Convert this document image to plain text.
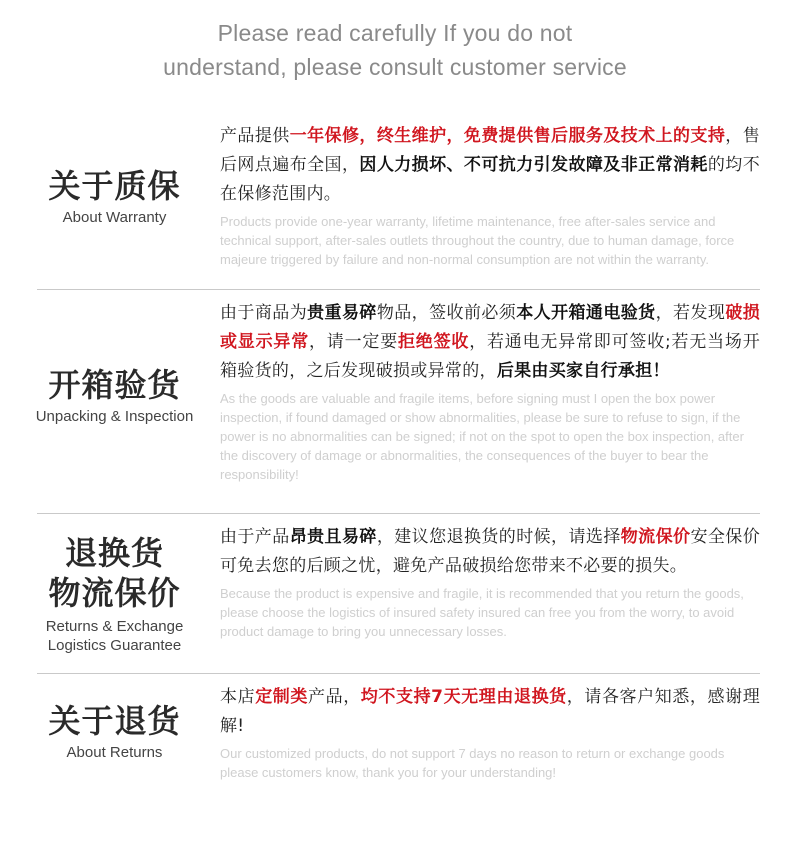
Please read carefully If you do not
understand, please consult customer service
关于质保
About Warranty
产品提供一年保修，终生维护，免费提供售后服务及技术上的支持，售后网点遍布全国，因人力损坏、不可抗力引发故障及非正常消耗的均不在保修范围内。
Products provide one-year warranty, lifetime maintenance, free after-sales service and technical support, after-sales outlets throughout the country, due to human damage, force majeure triggered by failure and non-normal consumption are not within the warranty.
开箱验货
Unpacking & Inspection
由于商品为贵重易碎物品，签收前必须本人开箱通电验货，若发现破损或显示异常，请一定要拒绝签收，若通电无异常即可签收;若无当场开箱验货的，之后发现破损或异常的，后果由买家自行承担！
As the goods are valuable and fragile items, before signing must I open the box power inspection, if found damaged or show abnormalities, please be sure to refuse to sign, if the power is no abnormalities can be signed; if not on the spot to open the box inspection, after the discovery of damage or abnormalities, the consequences of the buyer to bear the responsibility!
退换货
物流保价
Returns & Exchange
Logistics Guarantee
由于产品昂贵且易碎，建议您退换货的时候，请选择物流保价安全保价可免去您的后顾之忧，避免产品破损给您带来不必要的损失。
Because the product is expensive and fragile, it is recommended that you return the goods, please choose the logistics of insured safety insured can free you from the worry, to avoid product damage to bring you unnecessary losses.
关于退货
About Returns
本店定制类产品，均不支持7天无理由退换货，请各客户知悉，感谢理解!
Our customized products, do not support 7 days no reason to return or exchange goods please customers know, thank you for your understanding!
